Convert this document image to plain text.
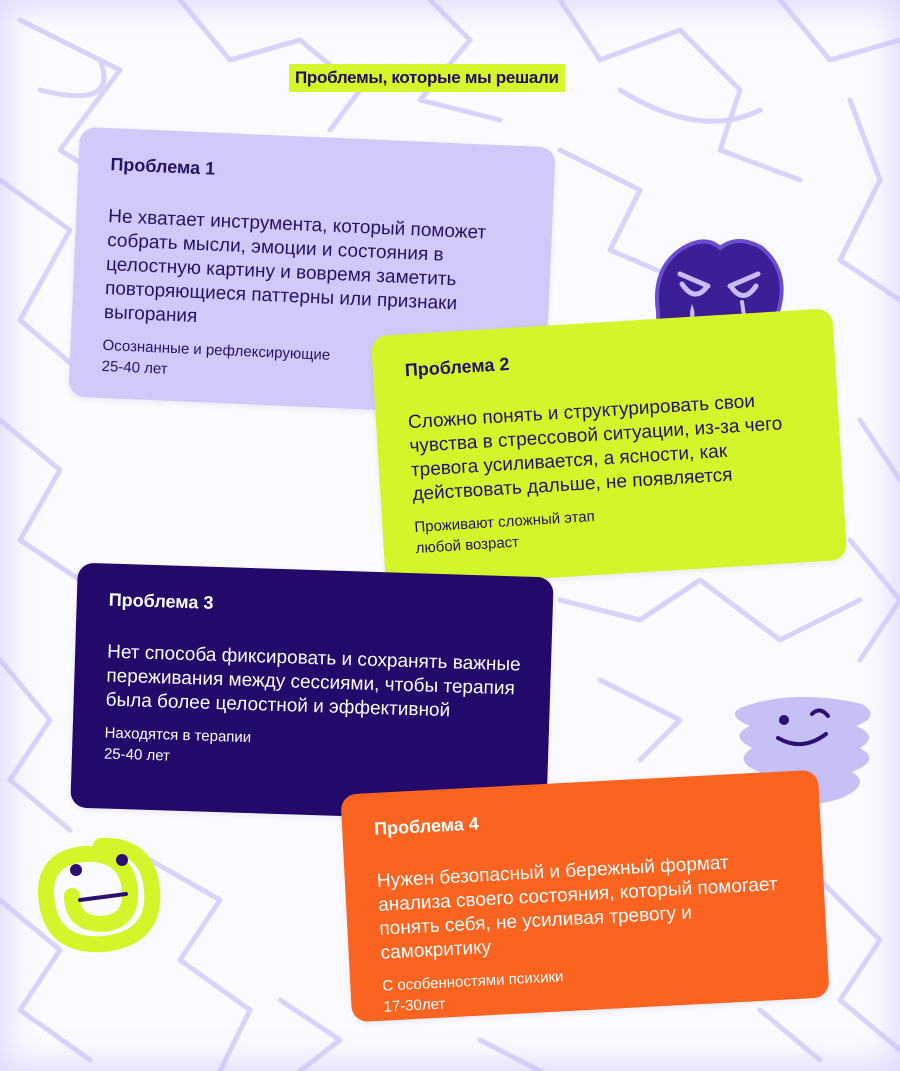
Проблемы, которые мы решали
Проблема 1
Не хватает инструмента, который поможет собрать мысли, эмоции и состояния в целостную картину и вовремя заметить повторяющиеся паттерны или признаки выгорания
Осознанные и рефлексирующие
25-40 лет	Проблема 2
Сложно понять и структурировать свои чувства в стрессовой ситуации, из-за чего тревога усиливается, а ясности, как действовать дальше, не появляется
Проживают сложный этап
любой возраст
Проблема 3
Нет способа фиксировать и сохранять важные переживания между сессиями, чтобы терапия была более целостной и эффективной
Находятся в терапии
25-40 лет
Проблема 4
Нужен безопасный и бережный формат анализа своего состояния, который помогает понять себя, не усиливая тревогу и самокритику
С особенностями психики
17-30лет
